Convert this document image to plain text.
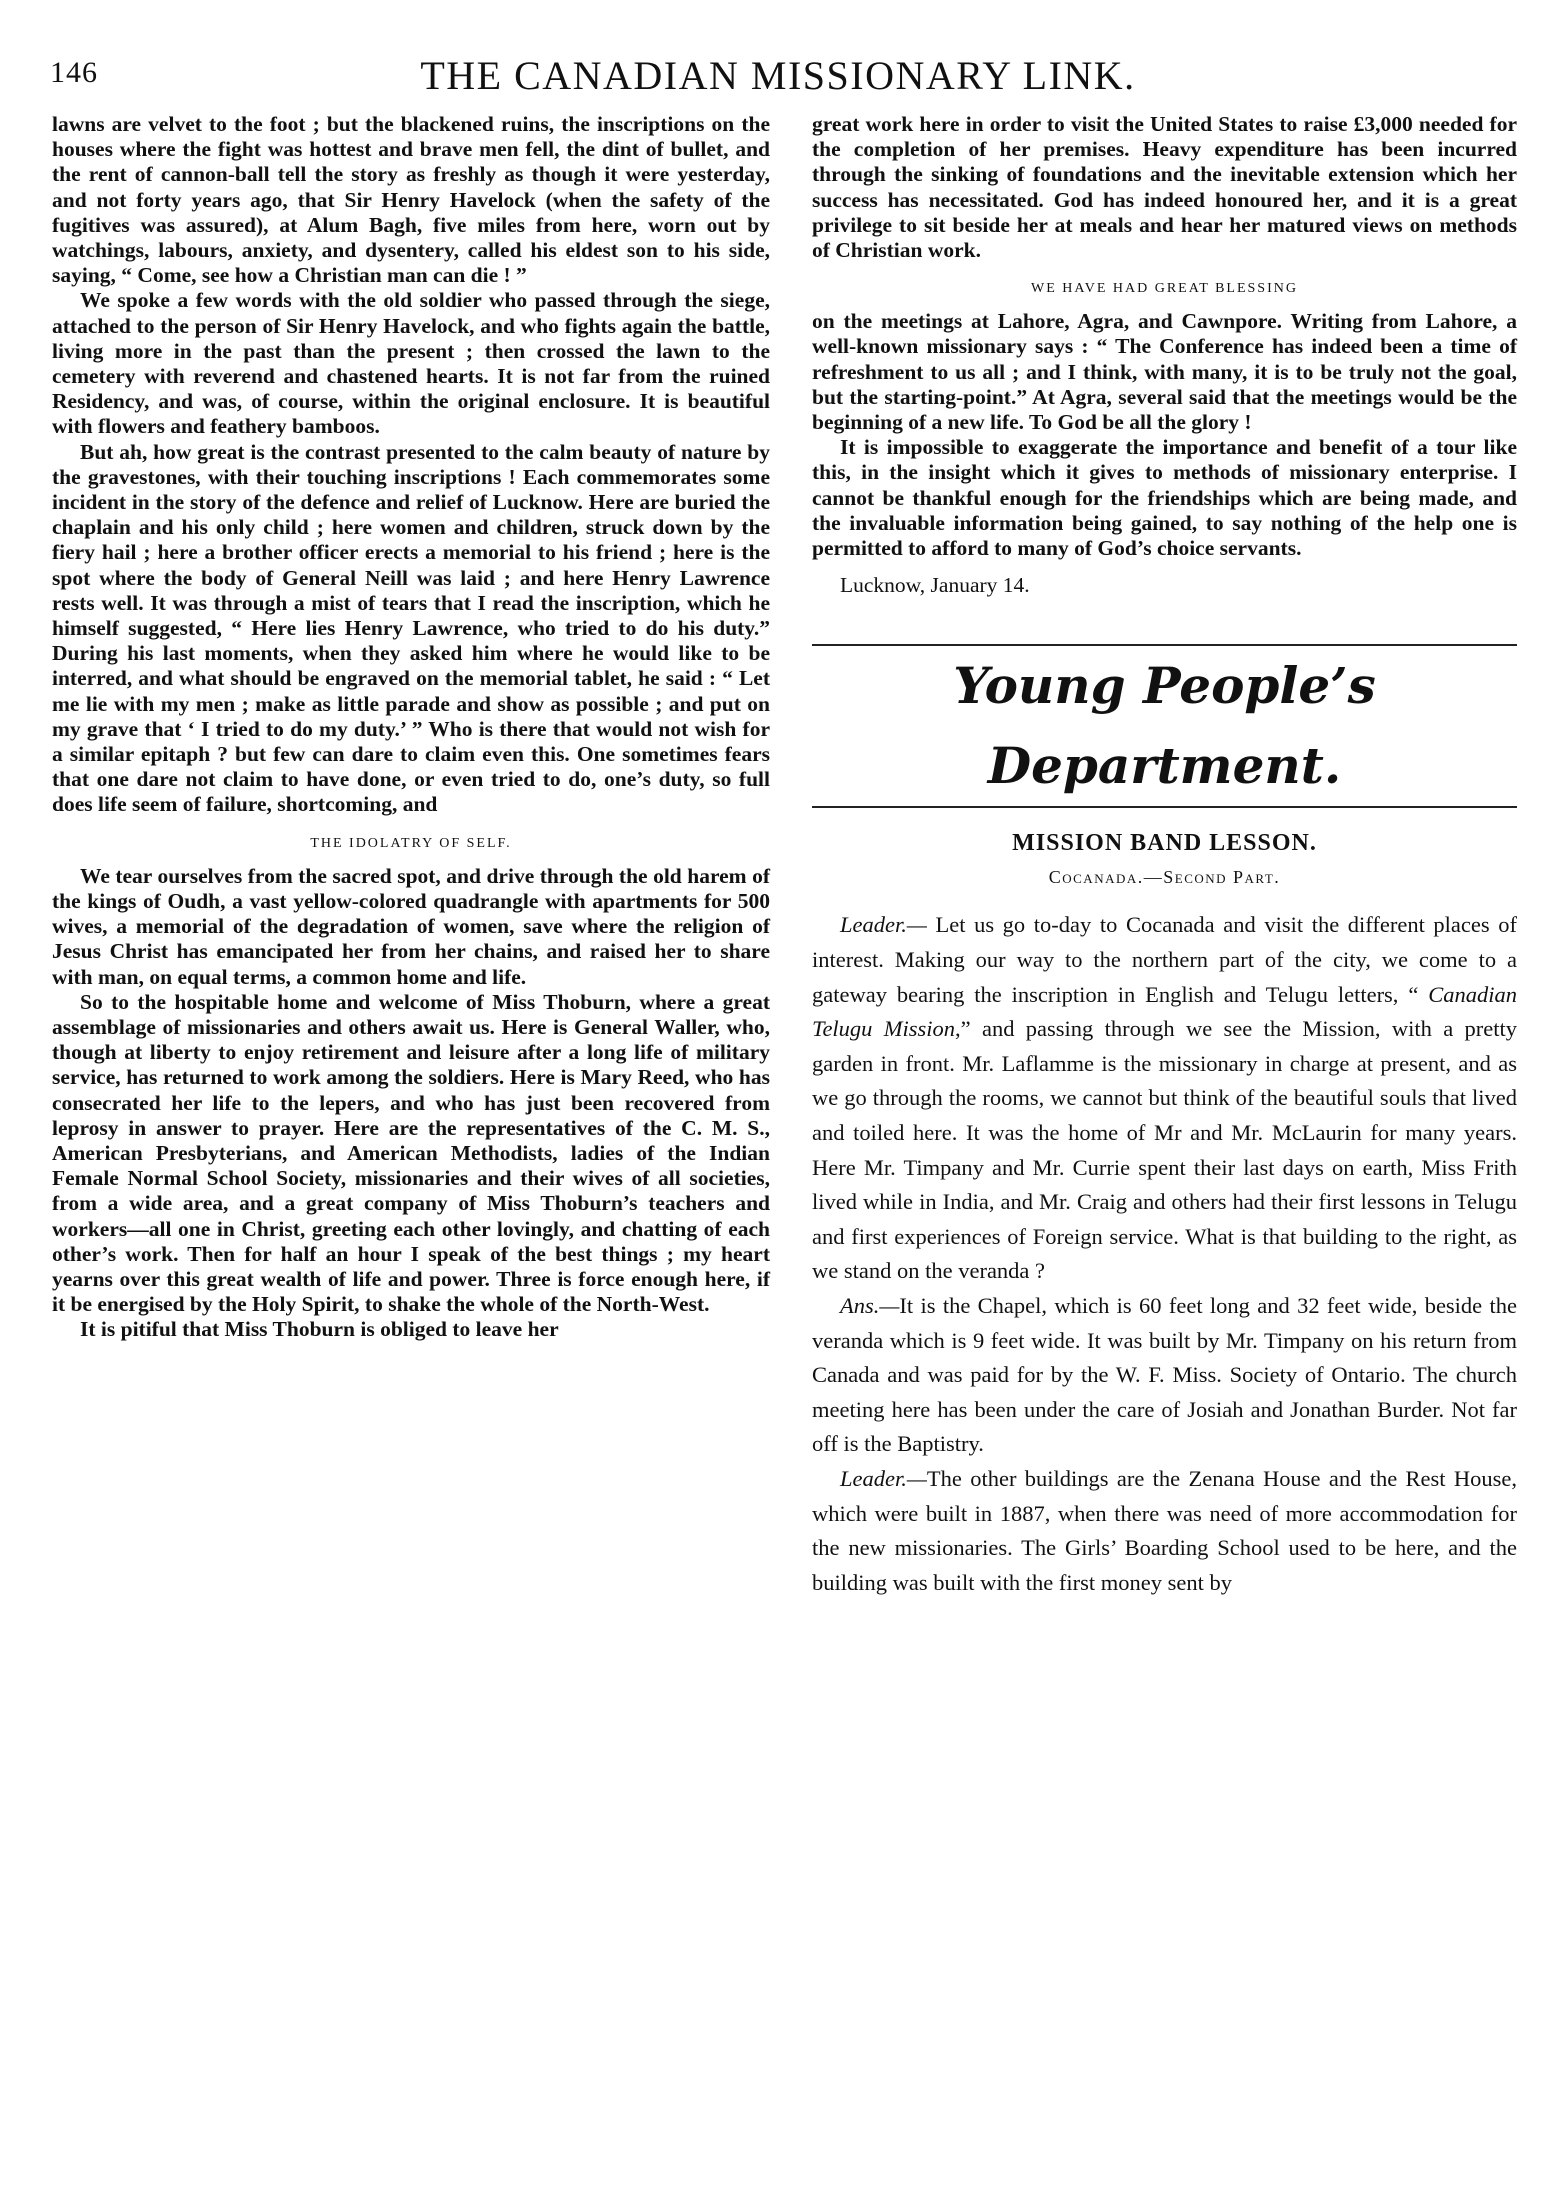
146	THE CANADIAN MISSIONARY LINK.

lawns are velvet to the foot ; but the blackened ruins, the inscriptions on the houses where the fight was hottest and brave men fell, the dint of bullet, and the rent of cannon-ball tell the story as freshly as though it were yesterday, and not forty years ago, that Sir Henry Havelock (when the safety of the fugitives was assured), at Alum Bagh, five miles from here, worn out by watchings, labours, anxiety, and dysentery, called his eldest son to his side, saying, “ Come, see how a Christian man can die ! ”

We spoke a few words with the old soldier who passed through the siege, attached to the person of Sir Henry Havelock, and who fights again the battle, living more in the past than the present ; then crossed the lawn to the cemetery with reverend and chastened hearts. It is not far from the ruined Residency, and was, of course, within the original enclosure. It is beautiful with flowers and feathery bamboos.

But ah, how great is the contrast presented to the calm beauty of nature by the gravestones, with their touching inscriptions ! Each commemorates some incident in the story of the defence and relief of Lucknow. Here are buried the chaplain and his only child ; here women and children, struck down by the fiery hail ; here a brother officer erects a memorial to his friend ; here is the spot where the body of General Neill was laid ; and here Henry Lawrence rests well. It was through a mist of tears that I read the inscription, which he himself suggested, “ Here lies Henry Lawrence, who tried to do his duty.” During his last moments, when they asked him where he would like to be interred, and what should be engraved on the memorial tablet, he said : “ Let me lie with my men ; make as little parade and show as possible ; and put on my grave that ‘ I tried to do my duty.’ ” Who is there that would not wish for a similar epitaph ? but few can dare to claim even this. One sometimes fears that one dare not claim to have done, or even tried to do, one’s duty, so full does life seem of failure, shortcoming, and

THE IDOLATRY OF SELF.

We tear ourselves from the sacred spot, and drive through the old harem of the kings of Oudh, a vast yellow-colored quadrangle with apartments for 500 wives, a memorial of the degradation of women, save where the religion of Jesus Christ has emancipated her from her chains, and raised her to share with man, on equal terms, a common home and life.

So to the hospitable home and welcome of Miss Thoburn, where a great assemblage of missionaries and others await us. Here is General Waller, who, though at liberty to enjoy retirement and leisure after a long life of military service, has returned to work among the soldiers. Here is Mary Reed, who has consecrated her life to the lepers, and who has just been recovered from leprosy in answer to prayer. Here are the representatives of the C. M. S., American Presbyterians, and American Methodists, ladies of the Indian Female Normal School Society, missionaries and their wives of all societies, from a wide area, and a great company of Miss Thoburn’s teachers and workers—all one in Christ, greeting each other lovingly, and chatting of each other’s work. Then for half an hour I speak of the best things ; my heart yearns over this great wealth of life and power. Three is force enough here, if it be energised by the Holy Spirit, to shake the whole of the North-West.

It is pitiful that Miss Thoburn is obliged to leave her

great work here in order to visit the United States to raise £3,000 needed for the completion of her premises. Heavy expenditure has been incurred through the sinking of foundations and the inevitable extension which her success has necessitated. God has indeed honoured her, and it is a great privilege to sit beside her at meals and hear her matured views on methods of Christian work.

WE HAVE HAD GREAT BLESSING

on the meetings at Lahore, Agra, and Cawnpore. Writing from Lahore, a well-known missionary says : “ The Conference has indeed been a time of refreshment to us all ; and I think, with many, it is to be truly not the goal, but the starting-point.” At Agra, several said that the meetings would be the beginning of a new life. To God be all the glory !

It is impossible to exaggerate the importance and benefit of a tour like this, in the insight which it gives to methods of missionary enterprise. I cannot be thankful enough for the friendships which are being made, and the invaluable information being gained, to say nothing of the help one is permitted to afford to many of God’s choice servants.

Lucknow, January 14.

Young People’s Department.
MISSION BAND LESSON.
Cocanada.—Second Part.

Leader.— Let us go to-day to Cocanada and visit the different places of interest. Making our way to the northern part of the city, we come to a gateway bearing the inscription in English and Telugu letters, “ Canadian Telugu Mission,” and passing through we see the Mission, with a pretty garden in front. Mr. Laflamme is the missionary in charge at present, and as we go through the rooms, we cannot but think of the beautiful souls that lived and toiled here. It was the home of Mr and Mr. McLaurin for many years. Here Mr. Timpany and Mr. Currie spent their last days on earth, Miss Frith lived while in India, and Mr. Craig and others had their first lessons in Telugu and first experiences of Foreign service. What is that building to the right, as we stand on the veranda ?

Ans.—It is the Chapel, which is 60 feet long and 32 feet wide, beside the veranda which is 9 feet wide. It was built by Mr. Timpany on his return from Canada and was paid for by the W. F. Miss. Society of Ontario. The church meeting here has been under the care of Josiah and Jonathan Burder. Not far off is the Baptistry.

Leader.—The other buildings are the Zenana House and the Rest House, which were built in 1887, when there was need of more accommodation for the new missionaries. The Girls’ Boarding School used to be here, and the building was built with the first money sent by
